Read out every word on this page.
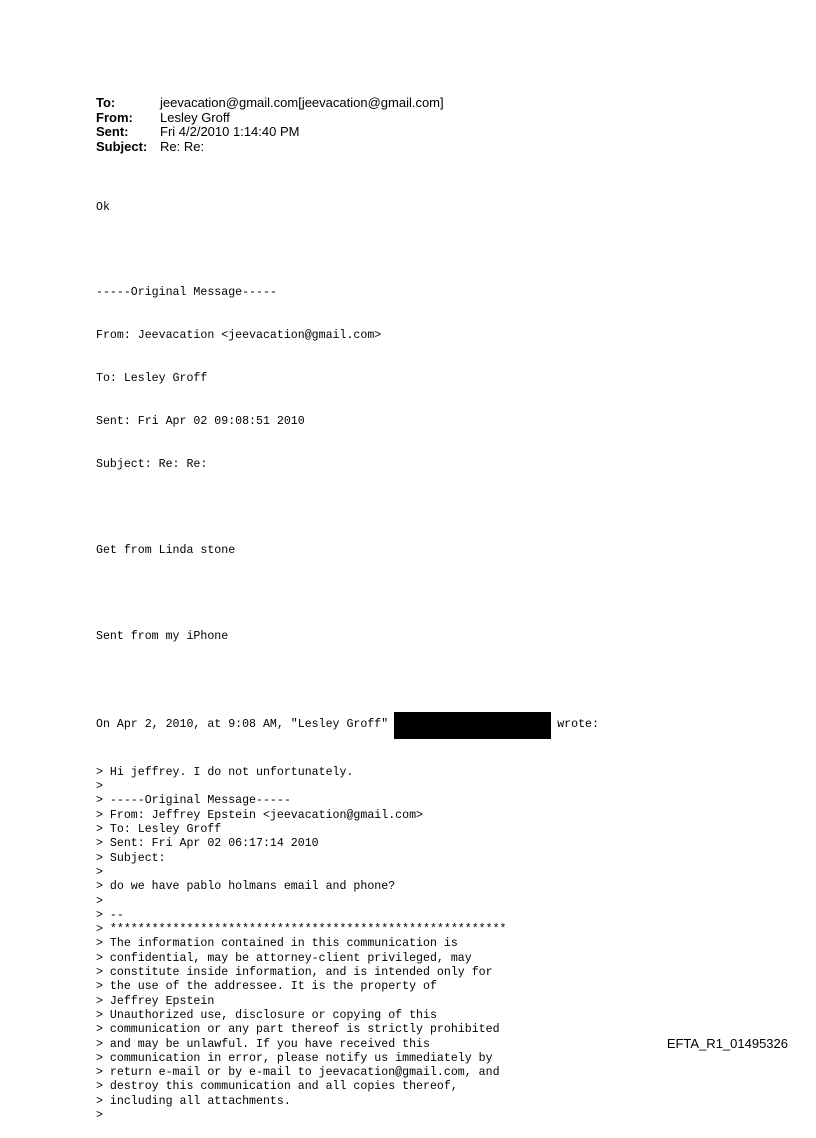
To:	jeevacation@gmail.com[jeevacation@gmail.com]
From:	Lesley Groff
Sent:	Fri 4/2/2010 1:14:40 PM
Subject: Re: Re:

Ok

-----Original Message-----

From: Jeevacation <jeevacation@gmail.com>

To: Lesley Groff

Sent: Fri Apr 02 09:08:51 2010

Subject: Re: Re:

Get from Linda stone

Sent from my iPhone

On Apr 2, 2010, at 9:08 AM, "Lesley Groff"	wrote:

> Hi jeffrey. I do not unfortunately.
>
> -----Original Message-----
> From: Jeffrey Epstein <jeevacation@gmail.com>
> To: Lesley Groff
> Sent: Fri Apr 02 06:17:14 2010
> Subject:
>
> do we have pablo holmans email and phone?
>
> --
> *********************************************************
> The information contained in this communication is
> confidential, may be attorney-client privileged, may
> constitute inside information, and is intended only for
> the use of the addressee. It is the property of
> Jeffrey Epstein
> Unauthorized use, disclosure or copying of this
> communication or any part thereof is strictly prohibited
> and may be unlawful. If you have received this
> communication in error, please notify us immediately by
> return e-mail or by e-mail to jeevacation@gmail.com, and
> destroy this communication and all copies thereof,
> including all attachments.
>

EFTA_R1_01495326
